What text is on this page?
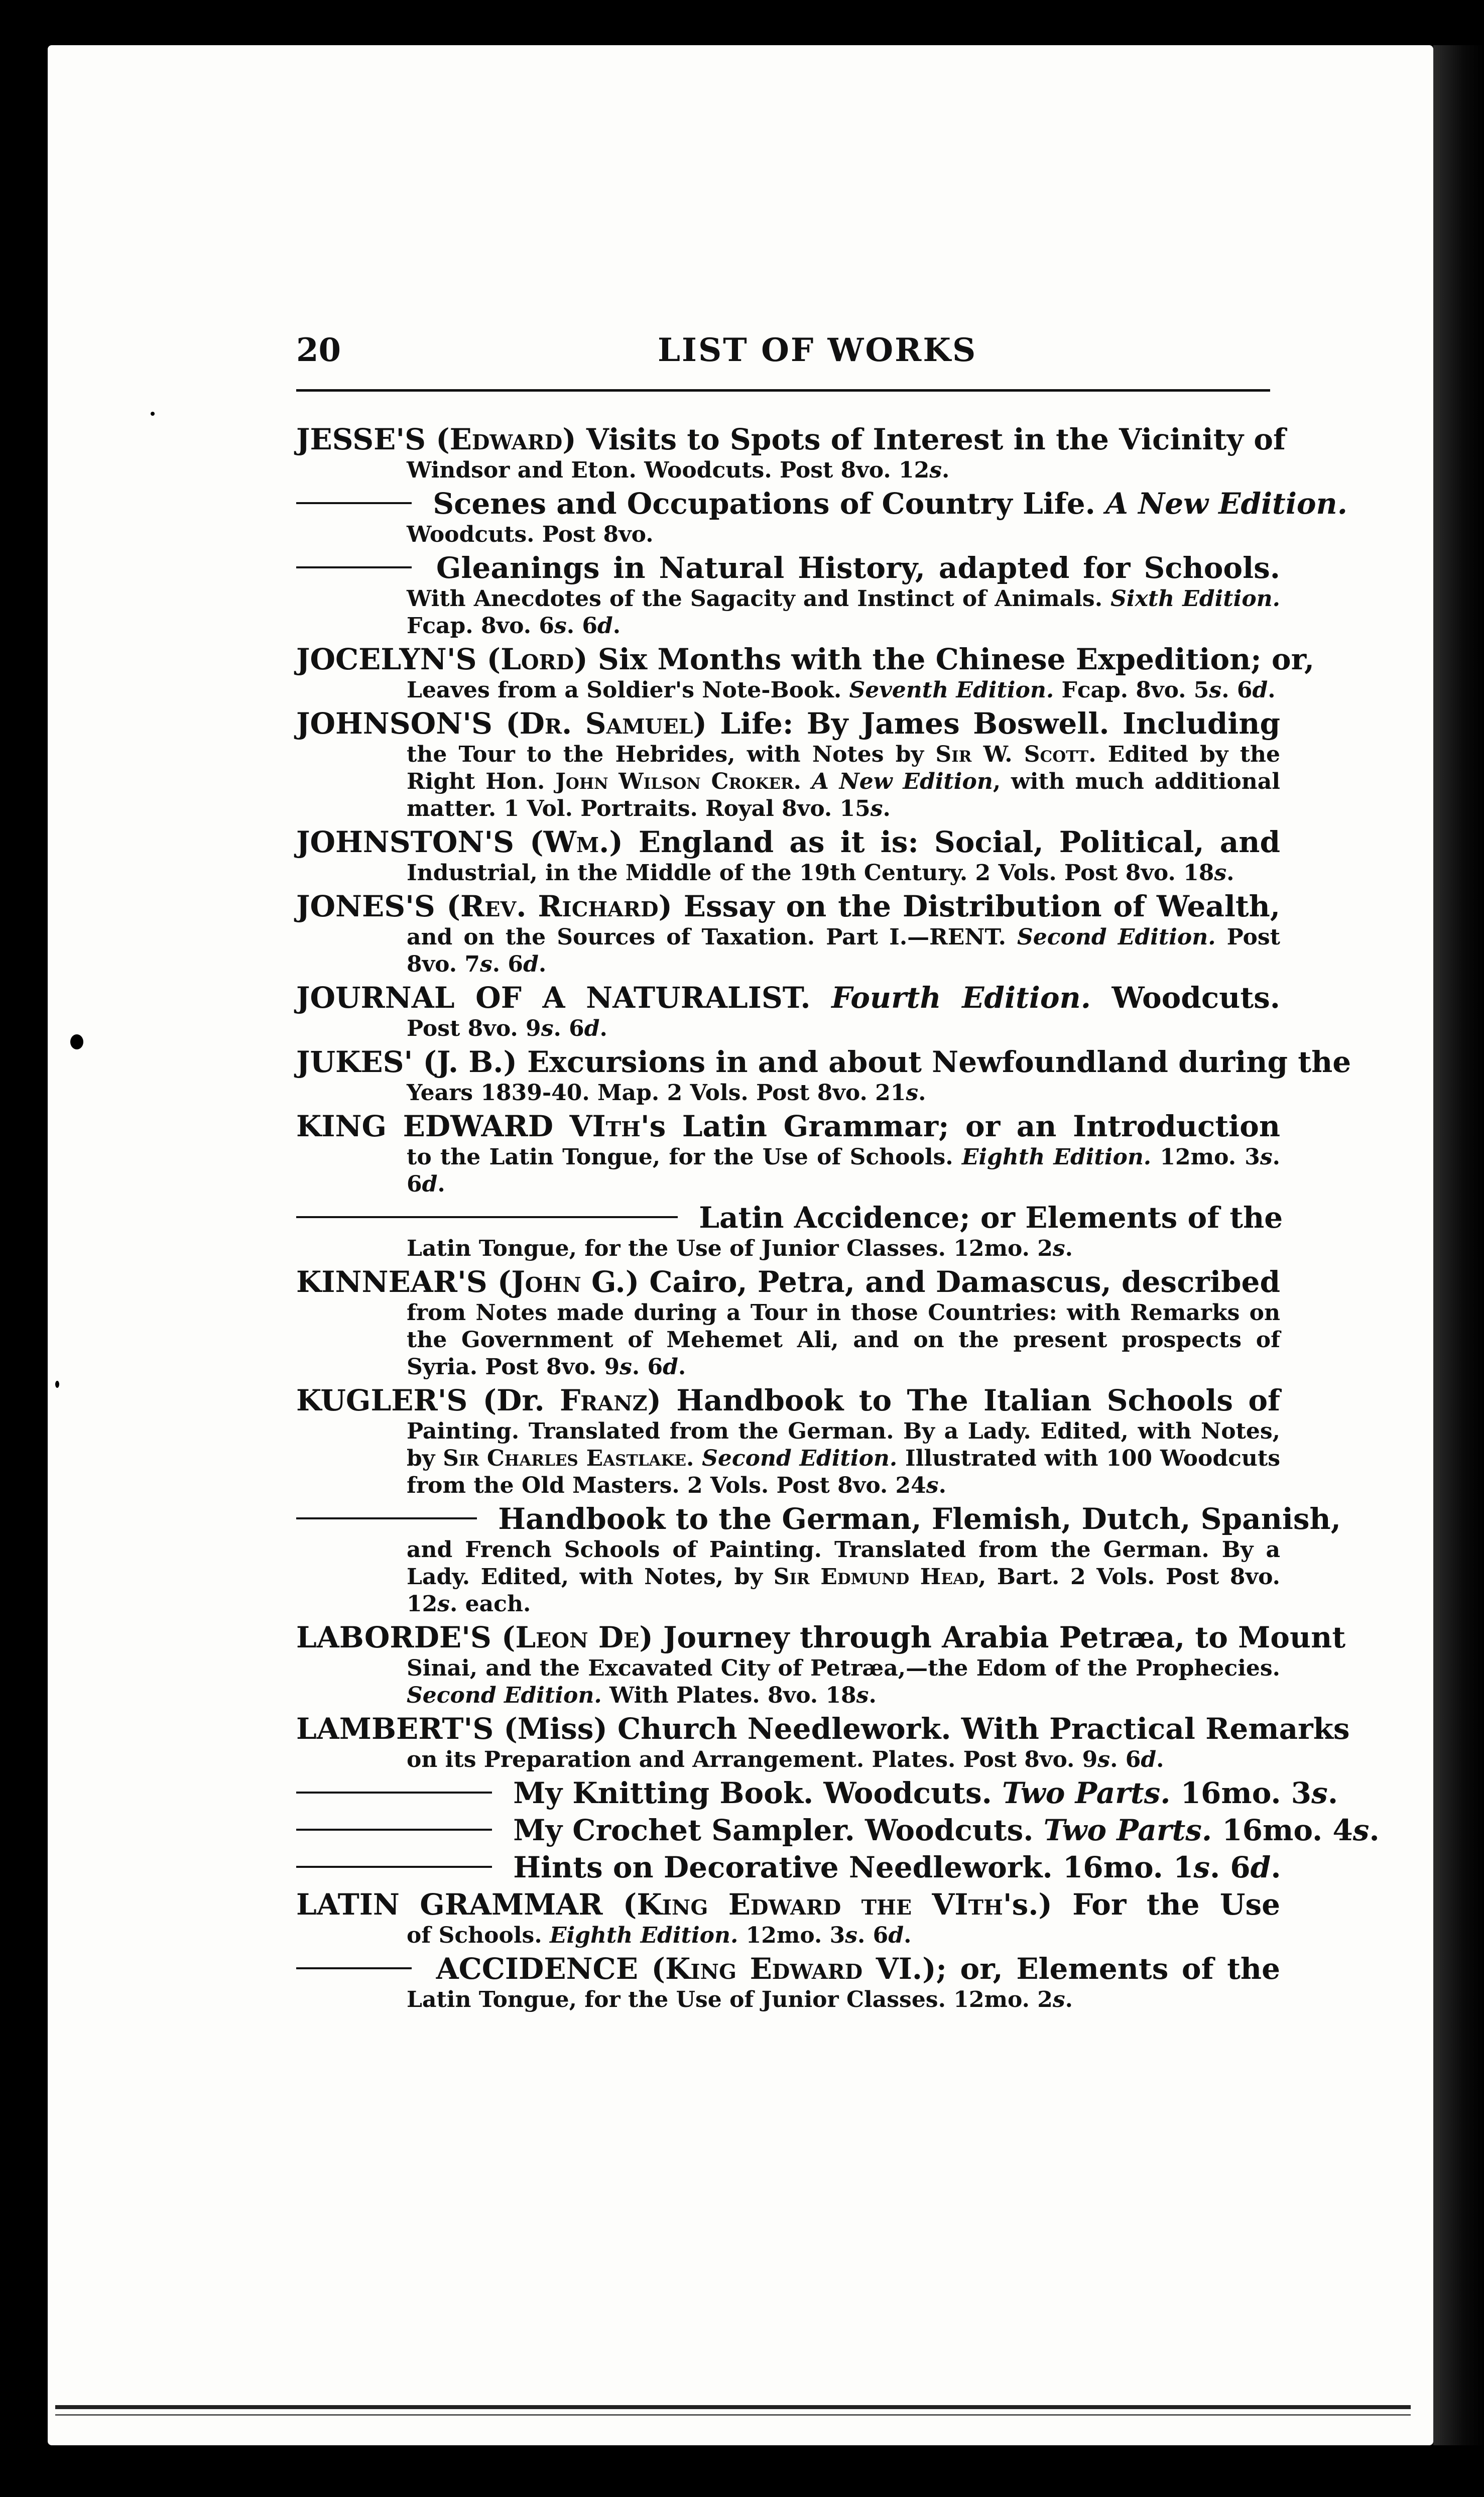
20	LIST OF WORKS
JESSE'S (Edward) Visits to Spots of Interest in the Vicinity of
Windsor and Eton. Woodcuts. Post 8vo. 12s.
Scenes and Occupations of Country Life. A New Edition.
Woodcuts. Post 8vo.
Gleanings in Natural History, adapted for Schools.
With Anecdotes of the Sagacity and Instinct of Animals. Sixth Edition. Fcap. 8vo. 6s. 6d.
JOCELYN'S (Lord) Six Months with the Chinese Expedition; or,
Leaves from a Soldier's Note-Book. Seventh Edition. Fcap. 8vo. 5s. 6d.
JOHNSON'S (Dr. Samuel) Life: By James Boswell. Including
the Tour to the Hebrides, with Notes by Sir W. Scott. Edited by the Right Hon. John Wilson Croker. A New Edition, with much additional matter. 1 Vol. Portraits. Royal 8vo. 15s.
JOHNSTON'S (Wm.) England as it is: Social, Political, and
Industrial, in the Middle of the 19th Century. 2 Vols. Post 8vo. 18s.
JONES'S (Rev. Richard) Essay on the Distribution of Wealth,
and on the Sources of Taxation. Part I.—RENT. Second Edition. Post 8vo. 7s. 6d.
JOURNAL OF A NATURALIST. Fourth Edition. Woodcuts.
Post 8vo. 9s. 6d.
JUKES' (J. B.) Excursions in and about Newfoundland during the
Years 1839-40. Map. 2 Vols. Post 8vo. 21s.
KING EDWARD VIth's Latin Grammar; or an Introduction
to the Latin Tongue, for the Use of Schools. Eighth Edition. 12mo. 3s. 6d.
Latin Accidence; or Elements of the
Latin Tongue, for the Use of Junior Classes. 12mo. 2s.
KINNEAR'S (John G.) Cairo, Petra, and Damascus, described
from Notes made during a Tour in those Countries: with Remarks on the Government of Mehemet Ali, and on the present prospects of Syria. Post 8vo. 9s. 6d.
KUGLER'S (Dr. Franz) Handbook to The Italian Schools of
Painting. Translated from the German. By a Lady. Edited, with Notes, by Sir Charles Eastlake. Second Edition. Illustrated with 100 Woodcuts from the Old Masters. 2 Vols. Post 8vo. 24s.
Handbook to the German, Flemish, Dutch, Spanish,
and French Schools of Painting. Translated from the German. By a Lady. Edited, with Notes, by Sir Edmund Head, Bart. 2 Vols. Post 8vo. 12s. each.
LABORDE'S (Leon De) Journey through Arabia Petræa, to Mount
Sinai, and the Excavated City of Petræa,—the Edom of the Prophecies. Second Edition. With Plates. 8vo. 18s.
LAMBERT'S (Miss) Church Needlework. With Practical Remarks
on its Preparation and Arrangement. Plates. Post 8vo. 9s. 6d.
My Knitting Book. Woodcuts. Two Parts. 16mo. 3s.
My Crochet Sampler. Woodcuts. Two Parts. 16mo. 4s.
Hints on Decorative Needlework. 16mo. 1s. 6d.
LATIN GRAMMAR (King Edward the VIth's.) For the Use
of Schools. Eighth Edition. 12mo. 3s. 6d.
ACCIDENCE (King Edward VI.); or, Elements of the
Latin Tongue, for the Use of Junior Classes. 12mo. 2s.
